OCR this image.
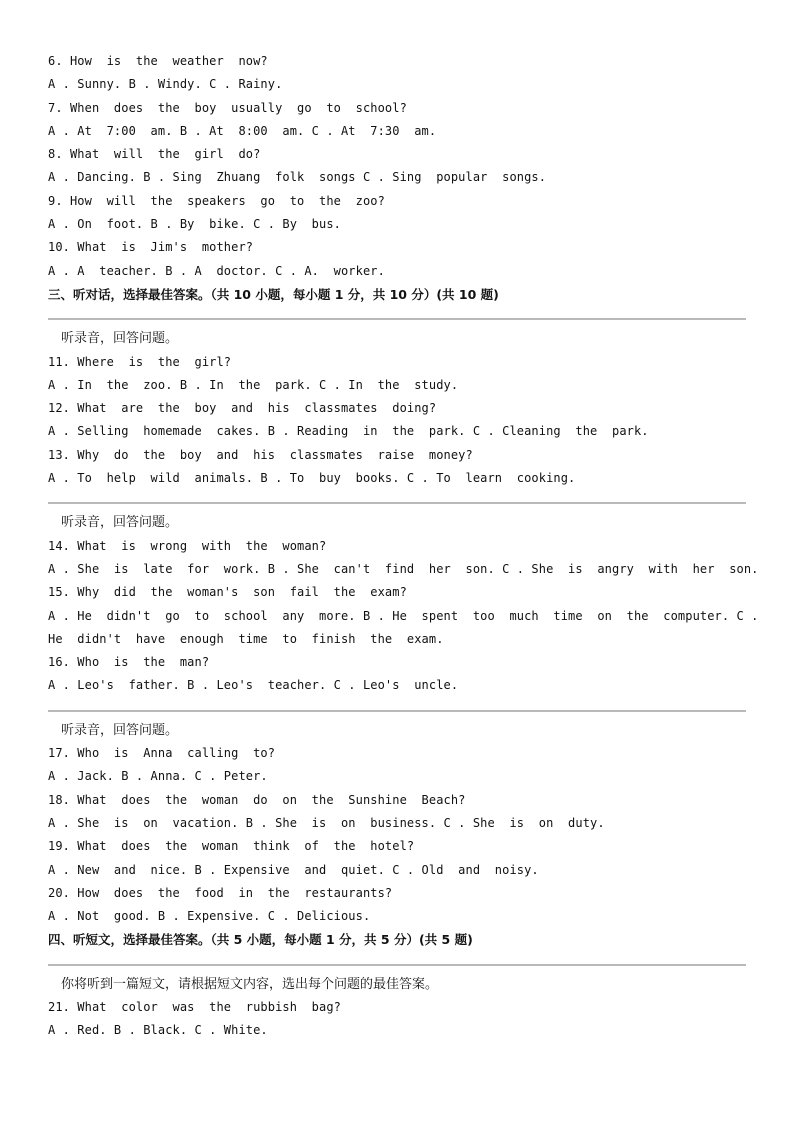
6. How  is  the  weather  now?
A . Sunny. B . Windy. C . Rainy.
7. When  does  the  boy  usually  go  to  school?
A . At  7:00  am. B . At  8:00  am. C . At  7:30  am.
8. What  will  the  girl  do?
A . Dancing. B . Sing  Zhuang  folk  songs C . Sing  popular  songs.
9. How  will  the  speakers  go  to  the  zoo?
A . On  foot. B . By  bike. C . By  bus.
10. What  is  Jim's  mother?
A . A  teacher. B . A  doctor. C . A.  worker.
三、听对话，选择最佳答案。（共 10 小题，每小题 1 分，共 10 分）(共 10 题)
听录音，回答问题。
11. Where  is  the  girl?
A . In  the  zoo. B . In  the  park. C . In  the  study.
12. What  are  the  boy  and  his  classmates  doing?
A . Selling  homemade  cakes. B . Reading  in  the  park. C . Cleaning  the  park.
13. Why  do  the  boy  and  his  classmates  raise  money?
A . To  help  wild  animals. B . To  buy  books. C . To  learn  cooking.
听录音，回答问题。
14. What  is  wrong  with  the  woman?
A . She  is  late  for  work. B . She  can't  find  her  son. C . She  is  angry  with  her  son.
15. Why  did  the  woman's  son  fail  the  exam?
A . He  didn't  go  to  school  any  more. B . He  spent  too  much  time  on  the  computer. C .
He  didn't  have  enough  time  to  finish  the  exam.
16. Who  is  the  man?
A . Leo's  father. B . Leo's  teacher. C . Leo's  uncle.
听录音，回答问题。
17. Who  is  Anna  calling  to?
A . Jack. B . Anna. C . Peter.
18. What  does  the  woman  do  on  the  Sunshine  Beach?
A . She  is  on  vacation. B . She  is  on  business. C . She  is  on  duty.
19. What  does  the  woman  think  of  the  hotel?
A . New  and  nice. B . Expensive  and  quiet. C . Old  and  noisy.
20. How  does  the  food  in  the  restaurants?
A . Not  good. B . Expensive. C . Delicious.
四、听短文，选择最佳答案。（共 5 小题，每小题 1 分，共 5 分）(共 5 题)
你将听到一篇短文，请根据短文内容，选出每个问题的最佳答案。
21. What  color  was  the  rubbish  bag?
A . Red. B . Black. C . White.
